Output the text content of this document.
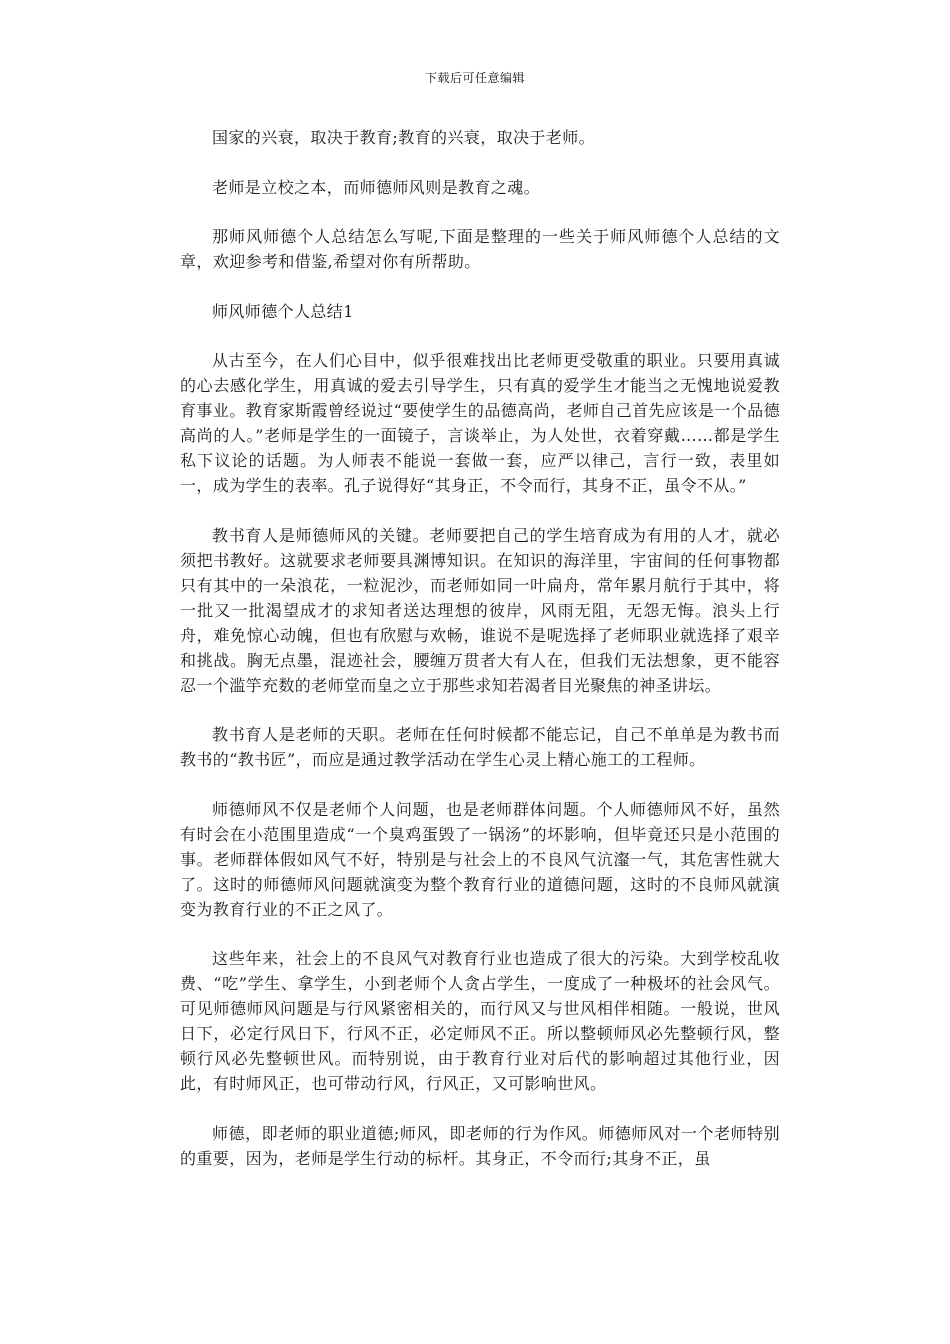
下载后可任意编辑

国家的兴衰，取决于教育;教育的兴衰，取决于老师。

老师是立校之本，而师德师风则是教育之魂。

那师风师德个人总结怎么写呢,下面是整理的一些关于师风师德个人总结的文章，欢迎参考和借鉴,希望对你有所帮助。

师风师德个人总结1

从古至今，在人们心目中，似乎很难找出比老师更受敬重的职业。只要用真诚的心去感化学生，用真诚的爱去引导学生，只有真的爱学生才能当之无愧地说爱教育事业。教育家斯霞曾经说过“要使学生的品德高尚，老师自己首先应该是一个品德高尚的人。”老师是学生的一面镜子，言谈举止，为人处世，衣着穿戴……都是学生私下议论的话题。为人师表不能说一套做一套，应严以律己，言行一致，表里如一，成为学生的表率。孔子说得好“其身正，不令而行，其身不正，虽令不从。”

教书育人是师德师风的关键。老师要把自己的学生培育成为有用的人才，就必须把书教好。这就要求老师要具渊博知识。在知识的海洋里，宇宙间的任何事物都只有其中的一朵浪花，一粒泥沙，而老师如同一叶扁舟，常年累月航行于其中，将一批又一批渴望成才的求知者送达理想的彼岸，风雨无阻，无怨无悔。浪头上行舟，难免惊心动魄，但也有欣慰与欢畅，谁说不是呢选择了老师职业就选择了艰辛和挑战。胸无点墨，混迹社会，腰缠万贯者大有人在，但我们无法想象，更不能容忍一个滥竽充数的老师堂而皇之立于那些求知若渴者目光聚焦的神圣讲坛。

教书育人是老师的天职。老师在任何时候都不能忘记，自己不单单是为教书而教书的“教书匠”，而应是通过教学活动在学生心灵上精心施工的工程师。

师德师风不仅是老师个人问题，也是老师群体问题。个人师德师风不好，虽然有时会在小范围里造成“一个臭鸡蛋毁了一锅汤”的坏影响，但毕竟还只是小范围的事。老师群体假如风气不好，特别是与社会上的不良风气沆瀣一气，其危害性就大了。这时的师德师风问题就演变为整个教育行业的道德问题，这时的不良师风就演变为教育行业的不正之风了。

这些年来，社会上的不良风气对教育行业也造成了很大的污染。大到学校乱收费、“吃”学生、拿学生，小到老师个人贪占学生，一度成了一种极坏的社会风气。可见师德师风问题是与行风紧密相关的，而行风又与世风相伴相随。一般说，世风日下，必定行风日下，行风不正，必定师风不正。所以整顿师风必先整顿行风，整顿行风必先整顿世风。而特别说，由于教育行业对后代的影响超过其他行业，因此，有时师风正，也可带动行风，行风正，又可影响世风。

师德，即老师的职业道德;师风，即老师的行为作风。师德师风对一个老师特别的重要，因为，老师是学生行动的标杆。其身正，不令而行;其身不正，虽
